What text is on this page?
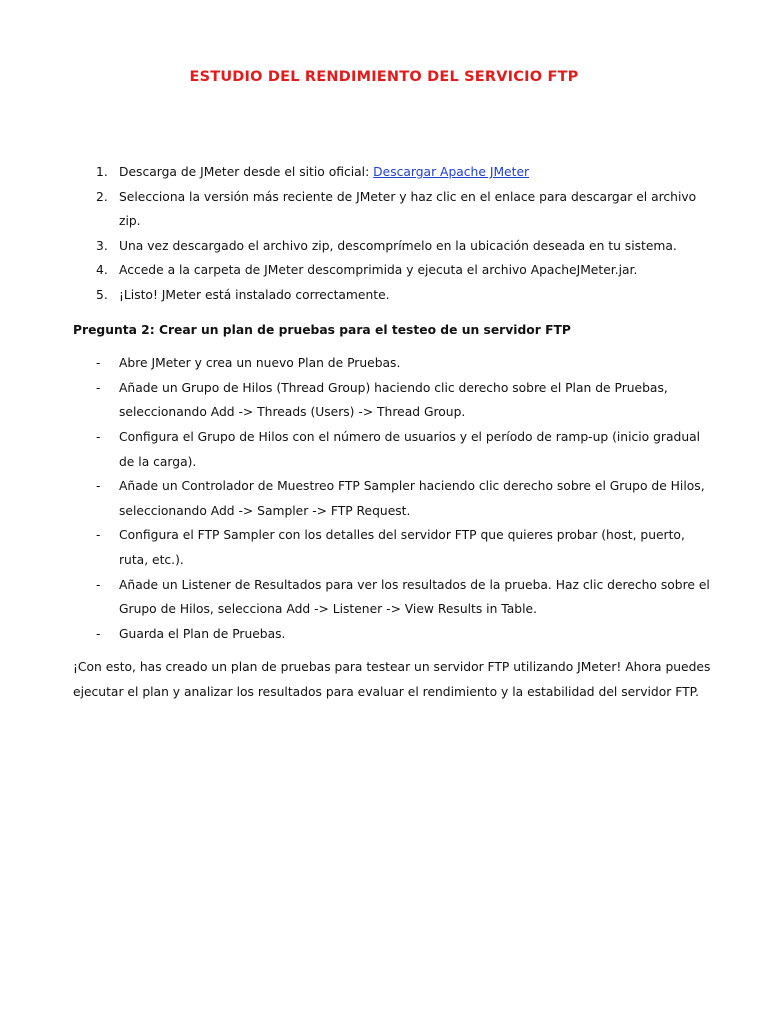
ESTUDIO DEL RENDIMIENTO DEL SERVICIO FTP
1. Descarga de JMeter desde el sitio oficial: Descargar Apache JMeter
2. Selecciona la versión más reciente de JMeter y haz clic en el enlace para descargar el archivo zip.
3. Una vez descargado el archivo zip, descomprímelo en la ubicación deseada en tu sistema.
4. Accede a la carpeta de JMeter descomprimida y ejecuta el archivo ApacheJMeter.jar.
5. ¡Listo! JMeter está instalado correctamente.
Pregunta 2: Crear un plan de pruebas para el testeo de un servidor FTP
-	Abre JMeter y crea un nuevo Plan de Pruebas.
-	Añade un Grupo de Hilos (Thread Group) haciendo clic derecho sobre el Plan de Pruebas, seleccionando Add -> Threads (Users) -> Thread Group.
-	Configura el Grupo de Hilos con el número de usuarios y el período de ramp-up (inicio gradual de la carga).
-	Añade un Controlador de Muestreo FTP Sampler haciendo clic derecho sobre el Grupo de Hilos, seleccionando Add -> Sampler -> FTP Request.
-	Configura el FTP Sampler con los detalles del servidor FTP que quieres probar (host, puerto, ruta, etc.).
-	Añade un Listener de Resultados para ver los resultados de la prueba. Haz clic derecho sobre el Grupo de Hilos, selecciona Add -> Listener -> View Results in Table.
-	Guarda el Plan de Pruebas.

¡Con esto, has creado un plan de pruebas para testear un servidor FTP utilizando JMeter! Ahora puedes ejecutar el plan y analizar los resultados para evaluar el rendimiento y la estabilidad del servidor FTP.
